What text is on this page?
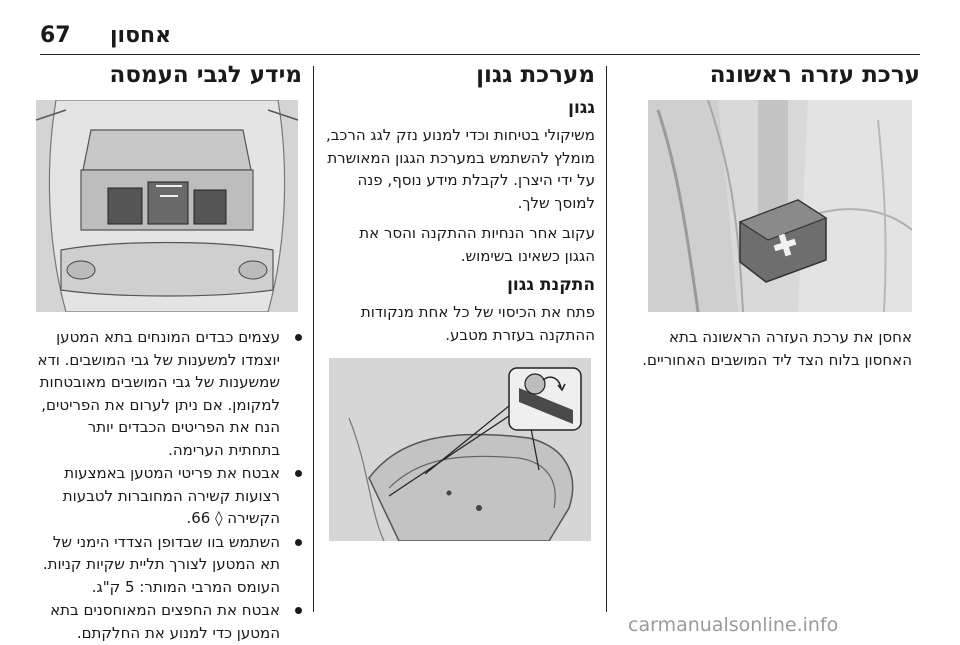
67 אחסון
ערכת עזרה ראשונה

אחסן את ערכת העזרה הראשונה בתא האחסון בלוח הצד ליד המושבים האחוריים.

מערכת גגון
גגון

משיקולי בטיחות וכדי למנוע נזק לגג הרכב, מומלץ להשתמש במערכת הגגון המאושרת על ידי היצרן. לקבלת מידע נוסף, פנה למוסך שלך.

עקוב אחר הנחיות ההתקנה והסר את הגגון כשאינו בשימוש.

התקנת גגון

פתח את הכיסוי של כל אחת מנקודות ההתקנה בעזרת מטבע.

מידע לגבי העמסה
עצמים כבדים המונחים בתא המטען יוצמדו למשענות של גבי המושבים. ודא שמשענות של גבי המושבים מאובטחות למקומן. אם ניתן לערום את הפריטים, הנח את הפריטים הכבדים יותר בתחתית הערימה.
אבטח את פריטי המטען באמצעות רצועות קשירה המחוברות לטבעות הקשירה ◊ 66.
השתמש בוו שבדופן הצדדי הימני של תא המטען לצורך תליית שקיות קניות. העומס המרבי המותר: 5 ק"ג.
אבטח את החפצים המאוחסנים בתא המטען כדי למנוע את החלקתם.	carmanualsonline.info
